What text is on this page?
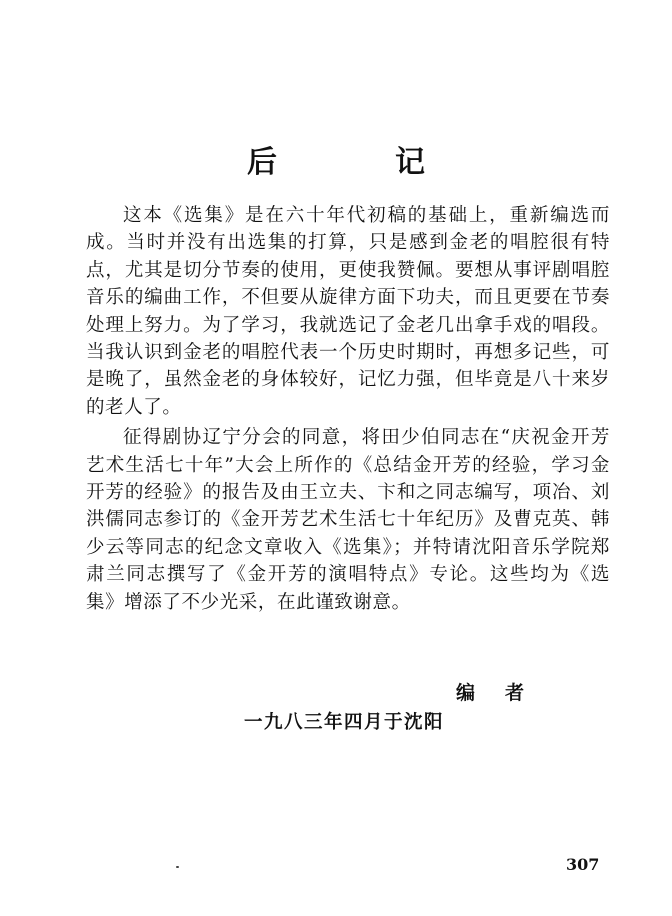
后　记

这本《选集》是在六十年代初稿的基础上，重新编选而成。当时并没有出选集的打算，只是感到金老的唱腔很有特点，尤其是切分节奏的使用，更使我赞佩。要想从事评剧唱腔音乐的编曲工作，不但要从旋律方面下功夫，而且更要在节奏处理上努力。为了学习，我就选记了金老几出拿手戏的唱段。当我认识到金老的唱腔代表一个历史时期时，再想多记些，可是晚了，虽然金老的身体较好，记忆力强，但毕竟是八十来岁的老人了。

征得剧协辽宁分会的同意，将田少伯同志在“庆祝金开芳艺术生活七十年”大会上所作的《总结金开芳的经验，学习金开芳的经验》的报告及由王立夫、卞和之同志编写，项冶、刘洪儒同志参订的《金开芳艺术生活七十年纪历》及曹克英、韩少云等同志的纪念文章收入《选集》；并特请沈阳音乐学院郑肃兰同志撰写了《金开芳的演唱特点》专论。这些均为《选集》增添了不少光采，在此谨致谢意。

编者
一九八三年四月于沈阳
307
